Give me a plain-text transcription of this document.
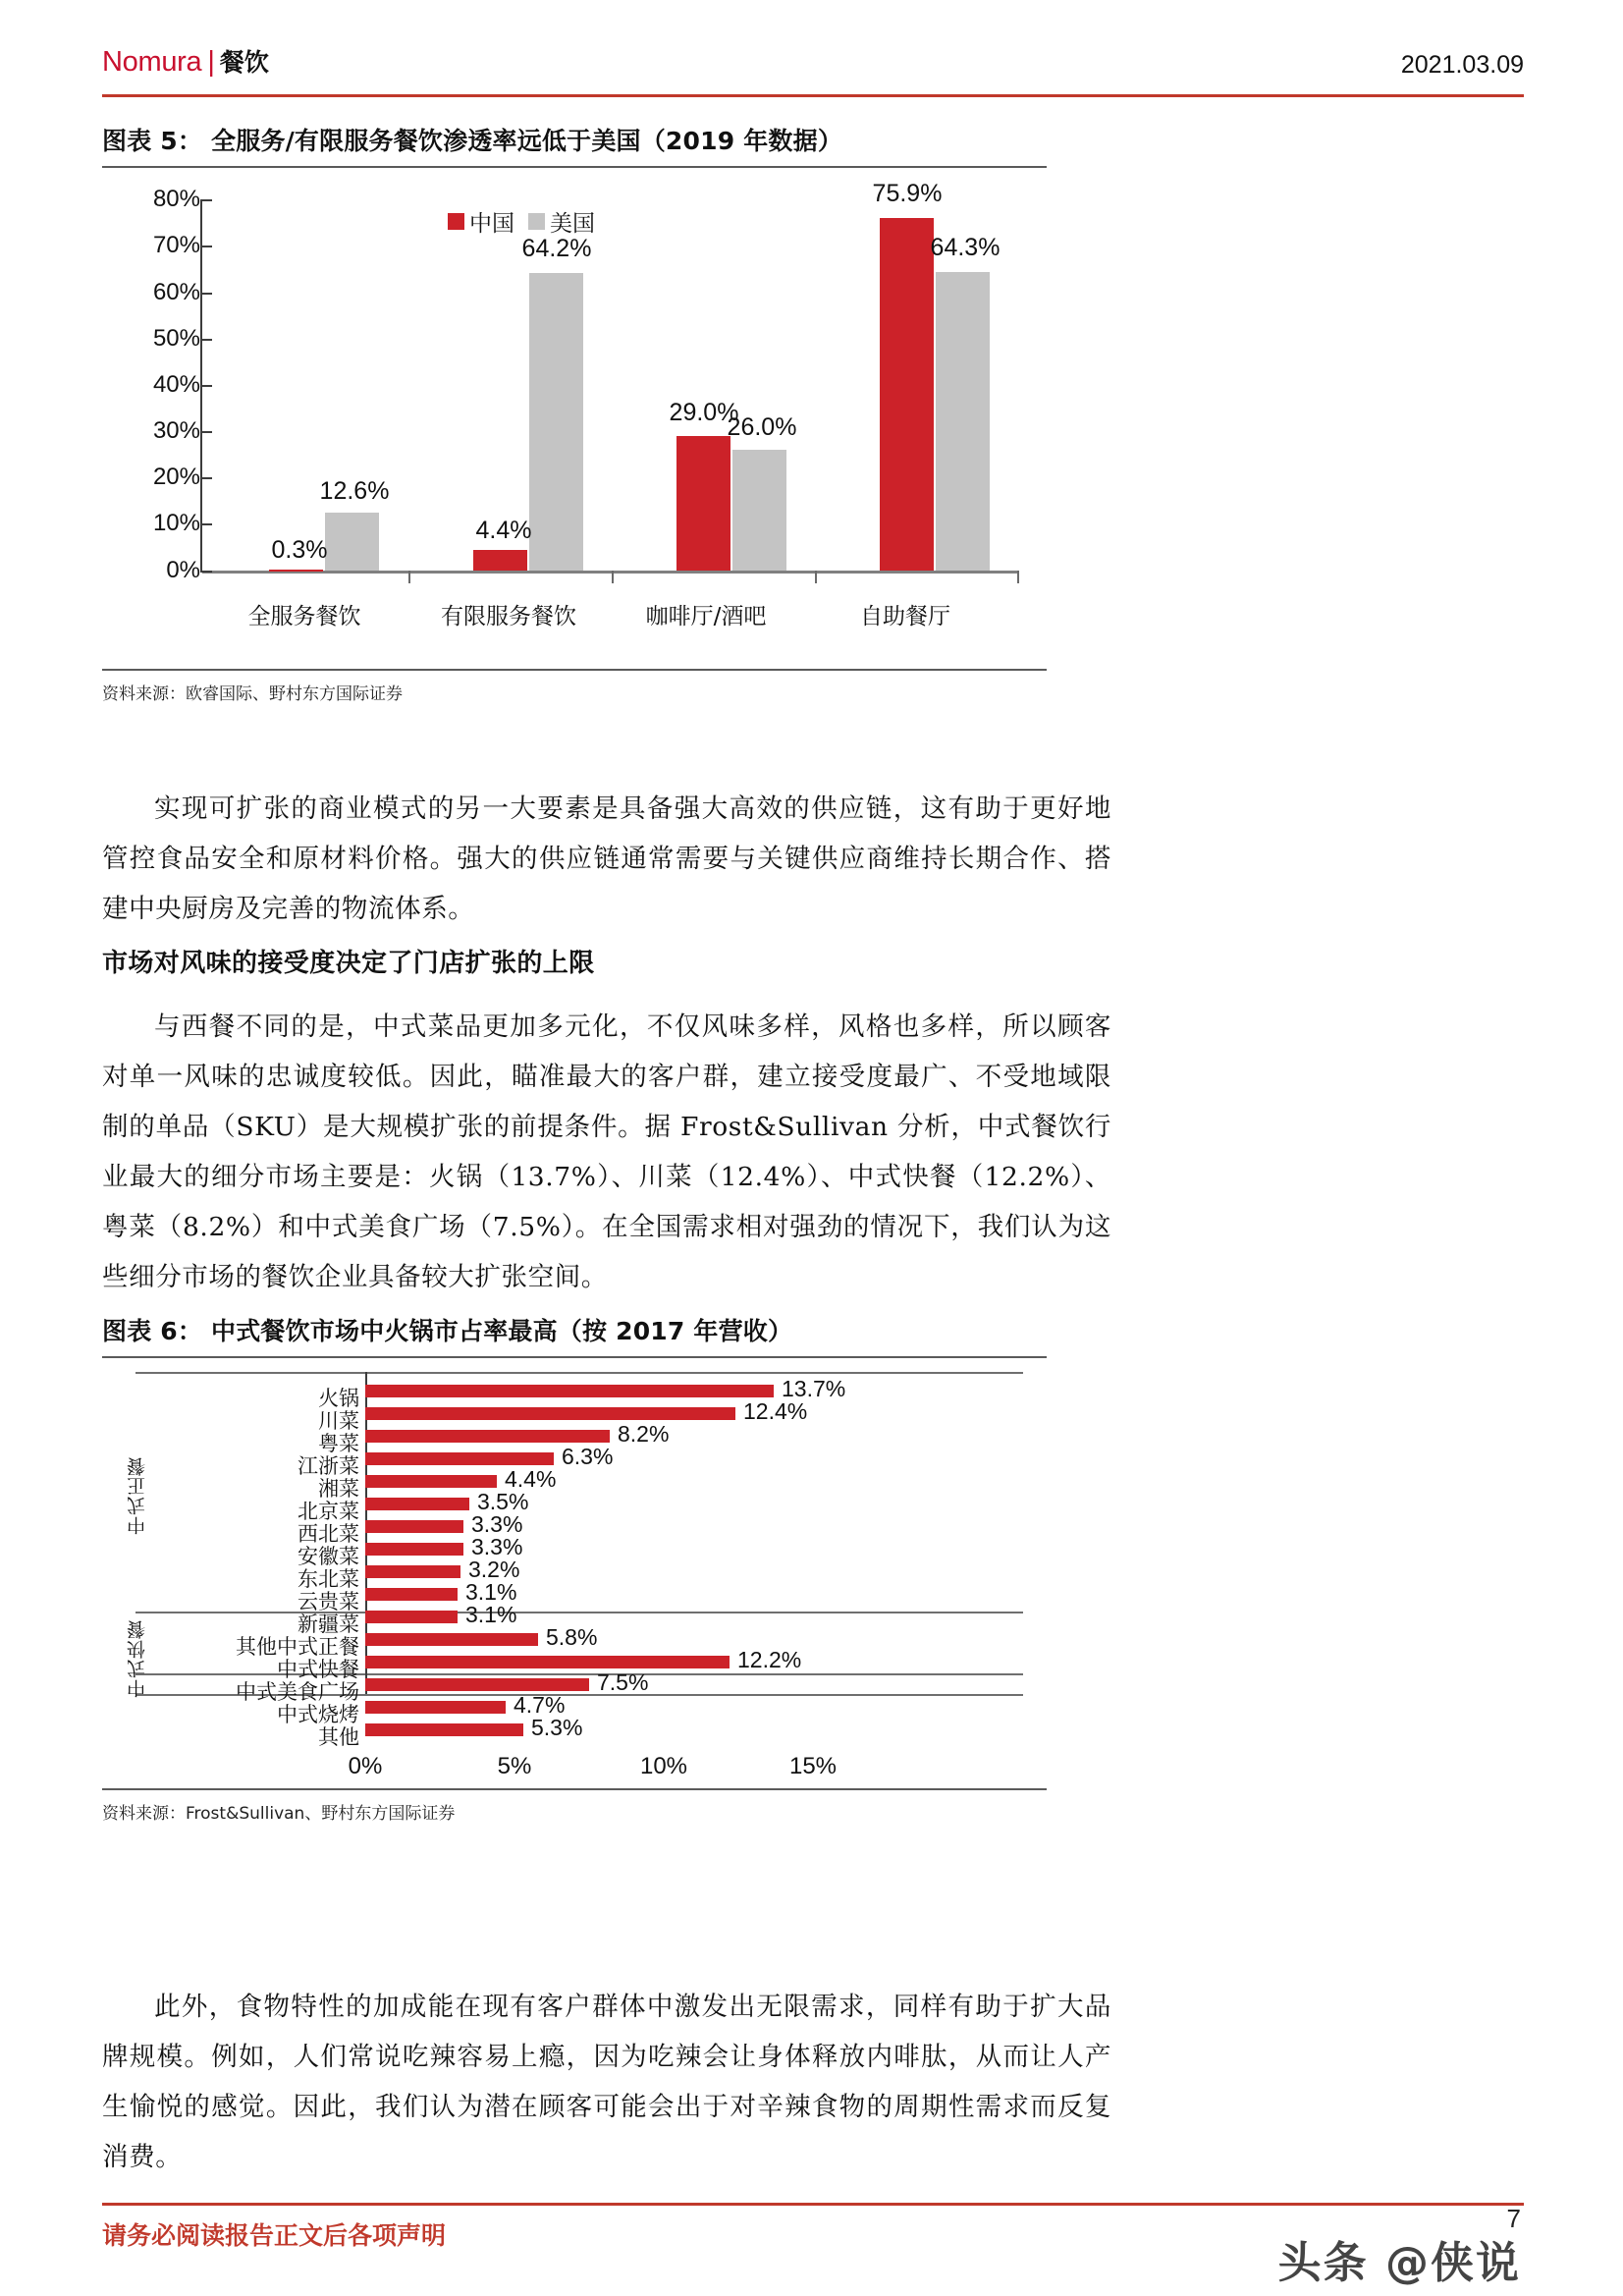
Nomura | 餐饮	2021.03.09
图表 5： 全服务/有限服务餐饮渗透率远低于美国（2019 年数据）
0%
10%
20%
30%
40%
50%
60%
70%
80%
中国 美国
0.3%
12.6%
全服务餐饮
4.4%
64.2%
有限服务餐饮
29.0%
26.0%
咖啡厅/酒吧
75.9%
64.3%
自助餐厅
资料来源：欧睿国际、野村东方国际证券
实现可扩张的商业模式的另一大要素是具备强大高效的供应链，这有助于更好地管控食品安全和原材料价格。强大的供应链通常需要与关键供应商维持长期合作、搭建中央厨房及完善的物流体系。
市场对风味的接受度决定了门店扩张的上限
与西餐不同的是，中式菜品更加多元化，不仅风味多样，风格也多样，所以顾客对单一风味的忠诚度较低。因此，瞄准最大的客户群，建立接受度最广、不受地域限制的单品（SKU）是大规模扩张的前提条件。据 Frost&Sullivan 分析，中式餐饮行业最大的细分市场主要是：火锅（13.7%）、川菜（12.4%）、中式快餐（12.2%）、粤菜（8.2%）和中式美食广场（7.5%）。在全国需求相对强劲的情况下，我们认为这些细分市场的餐饮企业具备较大扩张空间。
图表 6： 中式餐饮市场中火锅市占率最高（按 2017 年营收）
中式正餐
中式快餐
火锅	13.7%
川菜	12.4%
粤菜	8.2%
江浙菜	6.3%
湘菜	4.4%
北京菜	3.5%
西北菜	3.3%
安徽菜	3.3%
东北菜	3.2%
云贵菜	3.1%
新疆菜	3.1%
其他中式正餐	5.8%
中式快餐	12.2%
中式美食广场	7.5%
中式烧烤	4.7%
其他	5.3%
0%	5%	10%	15%
资料来源：Frost&Sullivan、野村东方国际证券
此外，食物特性的加成能在现有客户群体中激发出无限需求，同样有助于扩大品牌规模。例如，人们常说吃辣容易上瘾，因为吃辣会让身体释放内啡肽，从而让人产生愉悦的感觉。因此，我们认为潜在顾客可能会出于对辛辣食物的周期性需求而反复消费。
请务必阅读报告正文后各项声明
7
头条 @侠说
